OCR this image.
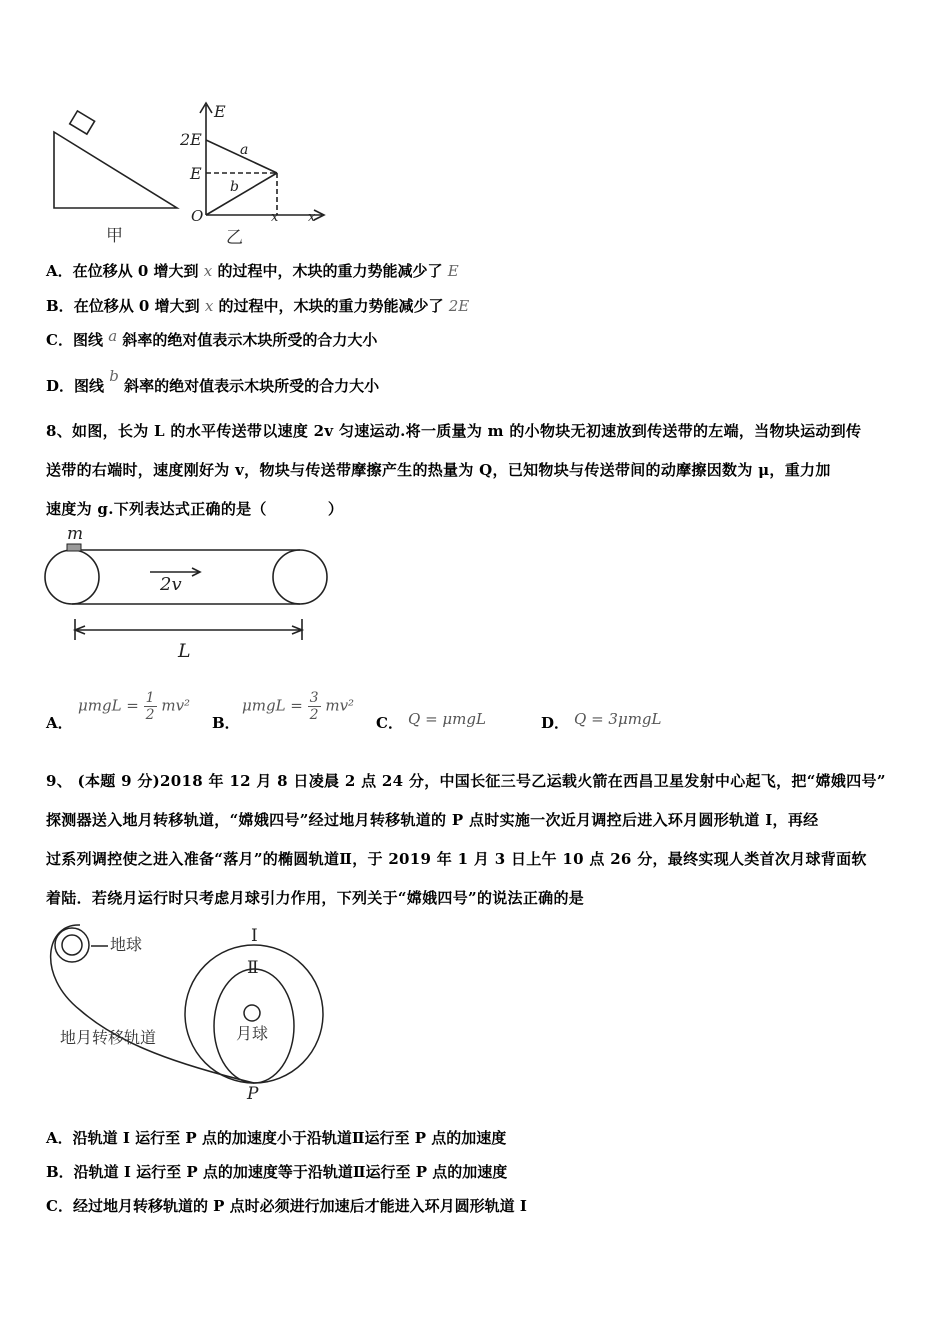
甲
E
2E
E
O
a
b
x x
乙
A．在位移从 0 增大到 x 的过程中，木块的重力势能减少了 E
B．在位移从 0 增大到 x 的过程中，木块的重力势能减少了 2E
C．图线 a 斜率的绝对值表示木块所受的合力大小
D．图线 b 斜率的绝对值表示木块所受的合力大小
8、如图，长为 L 的水平传送带以速度 2v 匀速运动.将一质量为 m 的小物块无初速放到传送带的左端，当物块运动到传
送带的右端时，速度刚好为 v，物块与传送带摩擦产生的热量为 Q，已知物块与传送带间的动摩擦因数为 μ，重力加
速度为 g.下列表达式正确的是（　　　　）
m
2v
L
A．
$\mu mgL = \frac{1}{2} mv^2$
B．
$\mu mgL = \frac{3}{2} mv^2$
C． Q = μmgL	D． Q = 3μmgL
9、 (本题 9 分)2018 年 12 月 8 日凌晨 2 点 24 分，中国长征三号乙运载火箭在西昌卫星发射中心起飞，把“嫦娥四号”
探测器送入地月转移轨道，“嫦娥四号”经过地月转移轨道的 P 点时实施一次近月调控后进入环月圆形轨道 I，再经
过系列调控使之进入准备“落月”的椭圆轨道Ⅱ，于 2019 年 1 月 3 日上午 10 点 26 分，最终实现人类首次月球背面软
着陆．若绕月运行时只考虑月球引力作用，下列关于“嫦娥四号”的说法正确的是
地球	I
Ⅱ
月球
地月转移轨道
P
A．沿轨道 I 运行至 P 点的加速度小于沿轨道Ⅱ运行至 P 点的加速度
B．沿轨道 I 运行至 P 点的加速度等于沿轨道Ⅱ运行至 P 点的加速度
C．经过地月转移轨道的 P 点时必须进行加速后才能进入环月圆形轨道 I
